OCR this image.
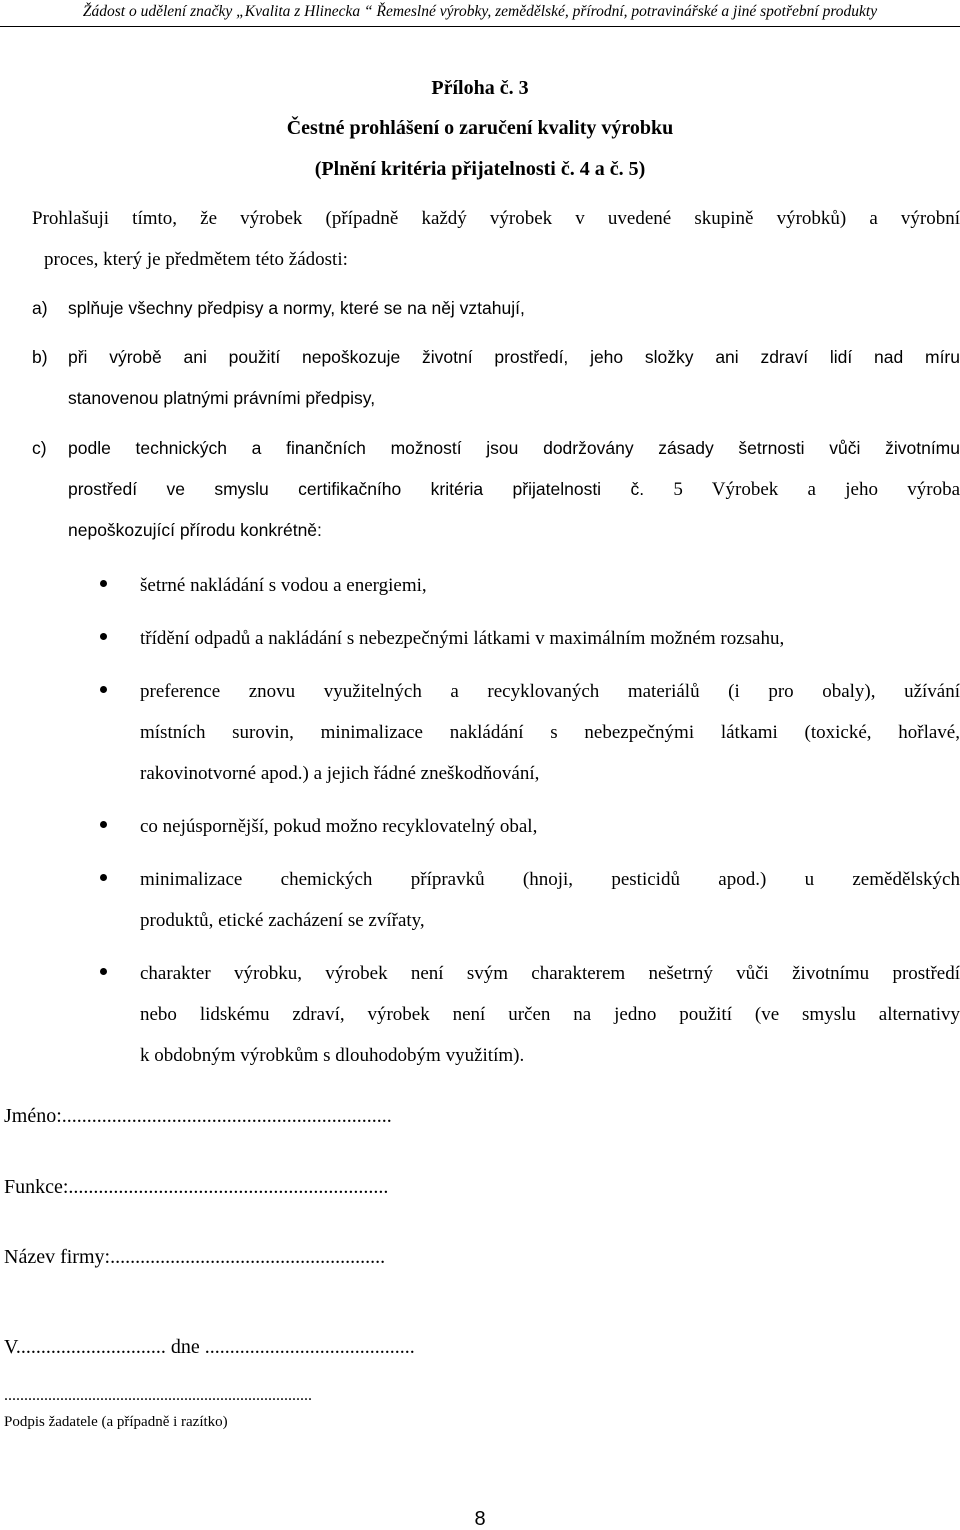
Žádost o udělení značky „Kvalita z Hlinecka “ Řemeslné výrobky, zemědělské, přírodní, potravinářské a jiné spotřební produkty
Příloha č. 3
Čestné prohlášení o zaručení kvality výrobku
(Plnění kritéria přijatelnosti č. 4 a č. 5)
Prohlašuji tímto, že výrobek (případně každý výrobek v uvedené skupině výrobků) a výrobní
proces, který je předmětem této žádosti:
a) splňuje všechny předpisy a normy, které se na něj vztahují,
b) při výrobě ani použití nepoškozuje životní prostředí, jeho složky ani zdraví lidí nad míru
stanovenou platnými právními předpisy,
c) podle technických a finančních možností jsou dodržovány zásady šetrnosti vůči životnímu
prostředí ve smyslu certifikačního kritéria přijatelnosti č. 5 Výrobek a jeho výroba
nepoškozující přírodu konkrétně:
šetrné nakládání s vodou a energiemi,
třídění odpadů a nakládání s nebezpečnými látkami v maximálním možném rozsahu,
preference znovu využitelných a recyklovaných materiálů (i pro obaly), užívání
místních surovin, minimalizace nakládání s nebezpečnými látkami (toxické, hořlavé,
rakovinotvorné apod.) a jejich řádné zneškodňování,
co nejúspornější, pokud možno recyklovatelný obal,
minimalizace chemických přípravků (hnoji, pesticidů apod.) u zemědělských
produktů, etické zacházení se zvířaty,
charakter výrobku, výrobek není svým charakterem nešetrný vůči životnímu prostředí
nebo lidskému zdraví, výrobek není určen na jedno použití (ve smyslu alternativy
k obdobným výrobkům s dlouhodobým využitím).
Jméno:..................................................................
Funkce:................................................................
Název firmy:.......................................................
V.............................. dne ..........................................
.............................................................................
Podpis žadatele (a případně i razítko)
8
